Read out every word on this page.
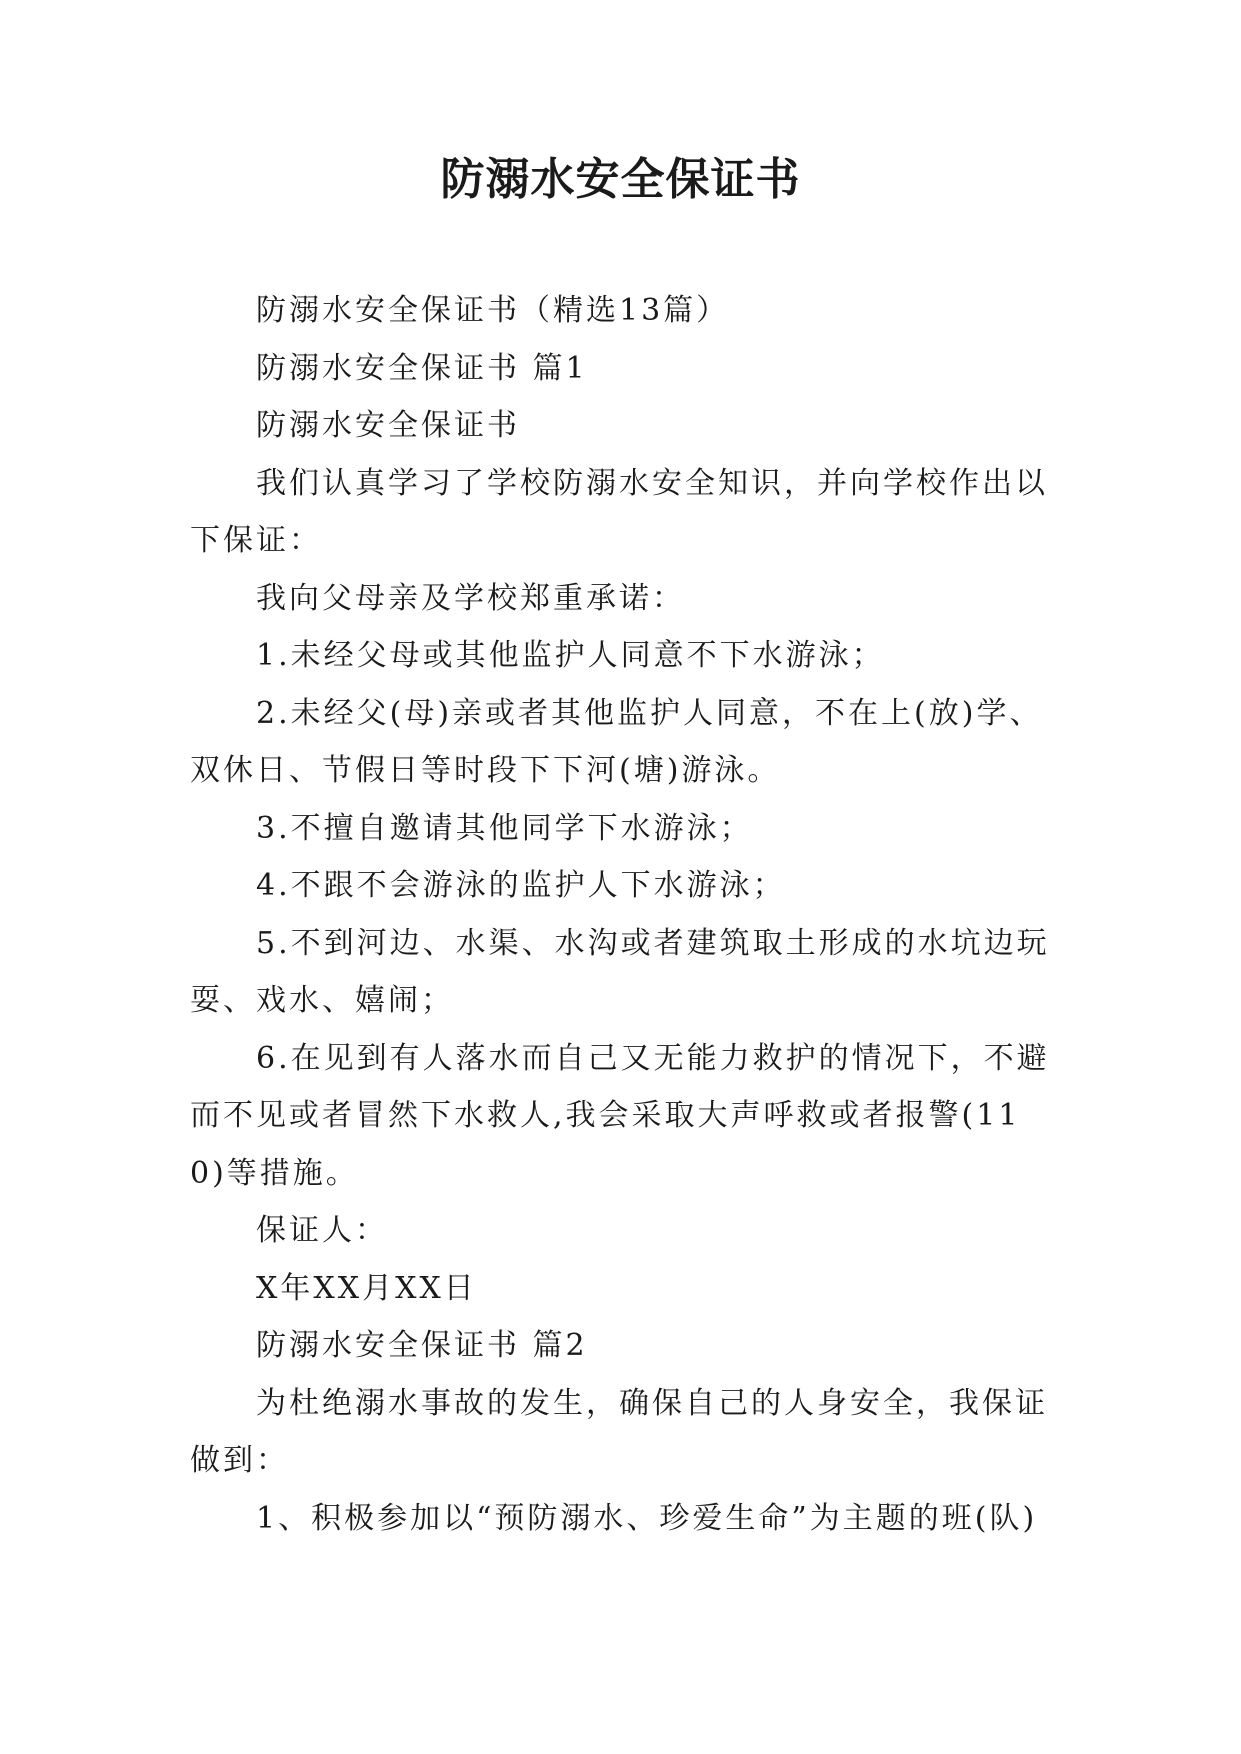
防溺水安全保证书

防溺水安全保证书（精选13篇）

防溺水安全保证书 篇1

防溺水安全保证书

我们认真学习了学校防溺水安全知识，并向学校作出以下保证：

我向父母亲及学校郑重承诺：

1.未经父母或其他监护人同意不下水游泳；

2.未经父(母)亲或者其他监护人同意，不在上(放)学、双休日、节假日等时段下下河(塘)游泳。

3.不擅自邀请其他同学下水游泳；

4.不跟不会游泳的监护人下水游泳；

5.不到河边、水渠、水沟或者建筑取土形成的水坑边玩耍、戏水、嬉闹；

6.在见到有人落水而自己又无能力救护的情况下，不避而不见或者冒然下水救人,我会采取大声呼救或者报警(110)等措施。

保证人：

X年XX月XX日

防溺水安全保证书 篇2

为杜绝溺水事故的发生，确保自己的人身安全，我保证做到：

1、积极参加以“预防溺水、珍爱生命”为主题的班(队)
